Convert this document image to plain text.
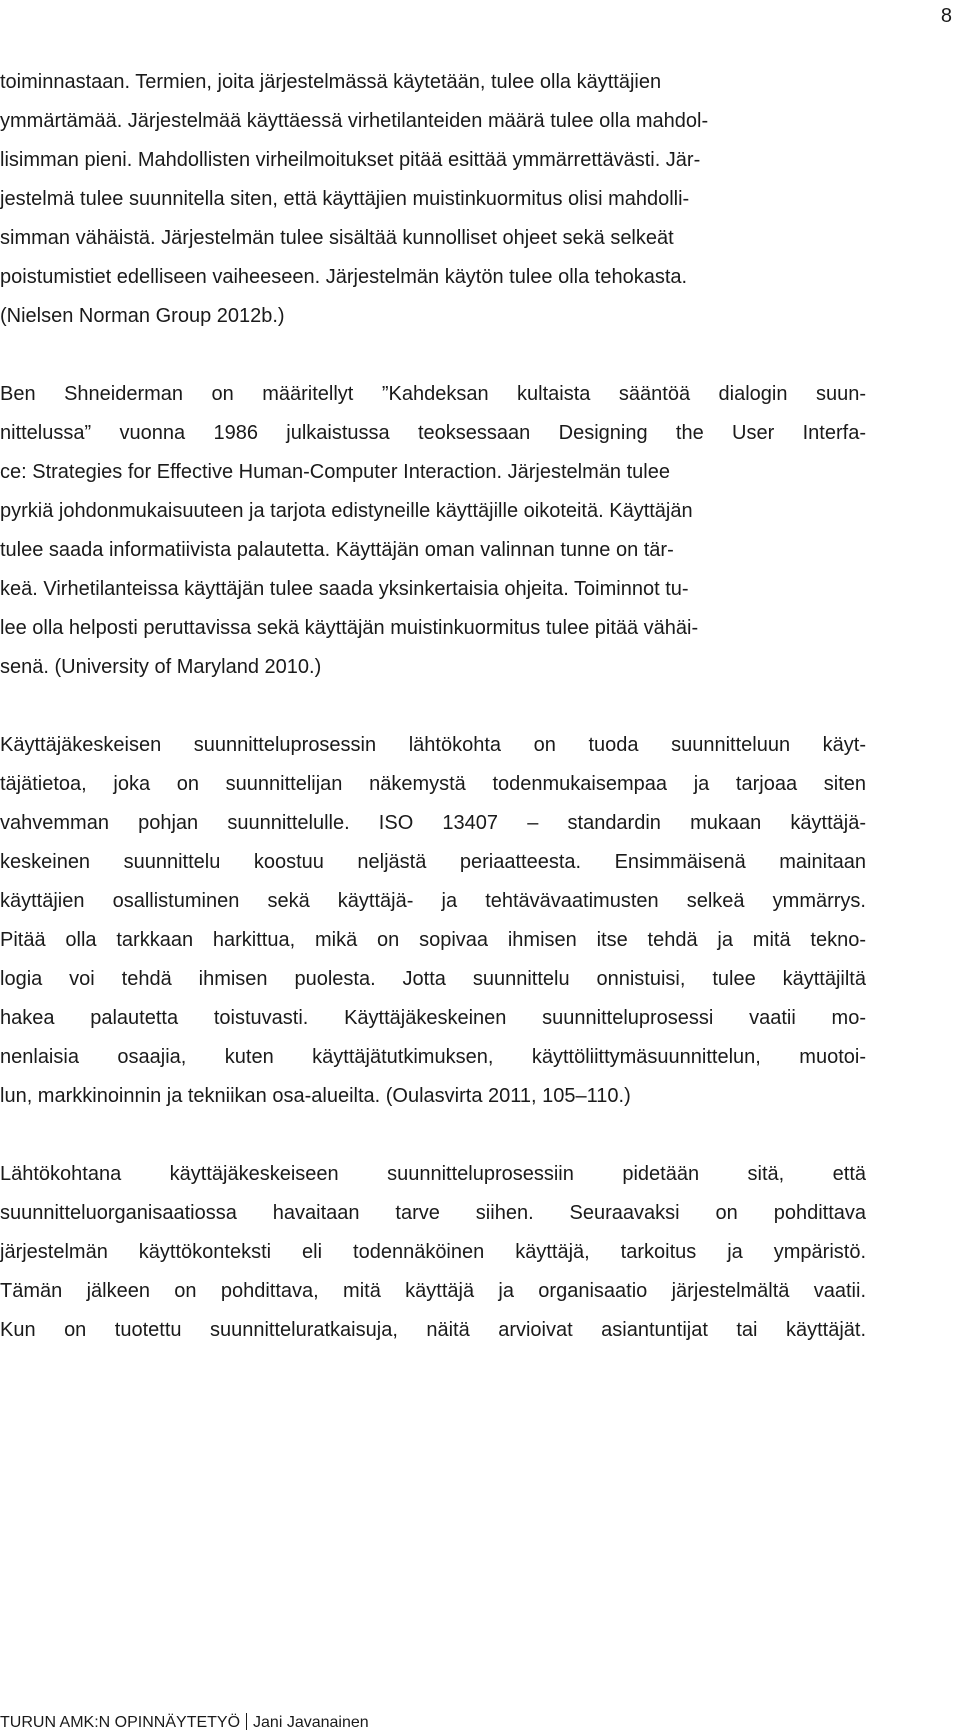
8
toiminnastaan. Termien, joita järjestelmässä käytetään, tulee olla käyttäjien
ymmärtämää. Järjestelmää käyttäessä virhetilanteiden määrä tulee olla mahdol-
lisimman pieni. Mahdollisten virheilmoitukset pitää esittää ymmärrettävästi. Jär-
jestelmä tulee suunnitella siten, että käyttäjien muistinkuormitus olisi mahdolli-
simman vähäistä. Järjestelmän tulee sisältää kunnolliset ohjeet sekä selkeät
poistumistiet edelliseen vaiheeseen. Järjestelmän käytön tulee olla tehokasta.
(Nielsen Norman Group 2012b.)
Ben Shneiderman on määritellyt ”Kahdeksan kultaista sääntöä dialogin suun-
nittelussa” vuonna 1986 julkaistussa teoksessaan Designing the User Interfa-
ce: Strategies for Effective Human-Computer Interaction. Järjestelmän tulee
pyrkiä johdonmukaisuuteen ja tarjota edistyneille käyttäjille oikoteitä. Käyttäjän
tulee saada informatiivista palautetta. Käyttäjän oman valinnan tunne on tär-
keä. Virhetilanteissa käyttäjän tulee saada yksinkertaisia ohjeita. Toiminnot tu-
lee olla helposti peruttavissa sekä käyttäjän muistinkuormitus tulee pitää vähäi-
senä. (University of Maryland 2010.)
Käyttäjäkeskeisen suunnitteluprosessin lähtökohta on tuoda suunnitteluun käyt-
täjätietoa, joka on suunnittelijan näkemystä todenmukaisempaa ja tarjoaa siten
vahvemman pohjan suunnittelulle. ISO 13407 – standardin mukaan käyttäjä-
keskeinen suunnittelu koostuu neljästä periaatteesta. Ensimmäisenä mainitaan
käyttäjien osallistuminen sekä käyttäjä- ja tehtävävaatimusten selkeä ymmärrys.
Pitää olla tarkkaan harkittua, mikä on sopivaa ihmisen itse tehdä ja mitä tekno-
logia voi tehdä ihmisen puolesta. Jotta suunnittelu onnistuisi, tulee käyttäjiltä
hakea palautetta toistuvasti. Käyttäjäkeskeinen suunnitteluprosessi vaatii mo-
nenlaisia osaajia, kuten käyttäjätutkimuksen, käyttöliittymäsuunnittelun, muotoi-
lun, markkinoinnin ja tekniikan osa-alueilta. (Oulasvirta 2011, 105–110.)
Lähtökohtana käyttäjäkeskeiseen suunnitteluprosessiin pidetään sitä, että
suunnitteluorganisaatiossa havaitaan tarve siihen. Seuraavaksi on pohdittava
järjestelmän käyttökonteksti eli todennäköinen käyttäjä, tarkoitus ja ympäristö.
Tämän jälkeen on pohdittava, mitä käyttäjä ja organisaatio järjestelmältä vaatii.
Kun on tuotettu suunnitteluratkaisuja, näitä arvioivat asiantuntijat tai käyttäjät.
TURUN AMK:N OPINNÄYTETYÖ Jani Javanainen
